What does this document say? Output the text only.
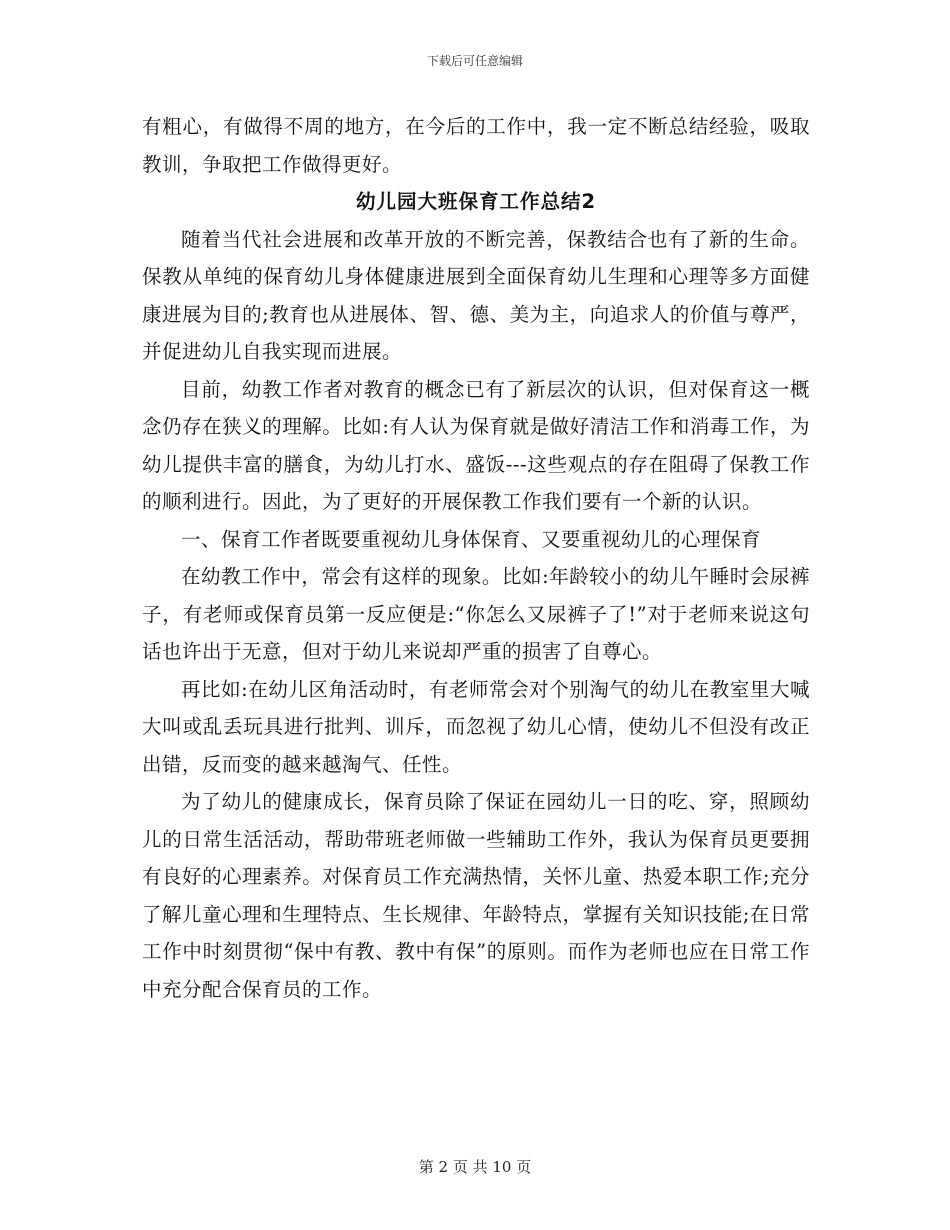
下载后可任意编辑

有粗心，有做得不周的地方，在今后的工作中，我一定不断总结经验，吸取教训，争取把工作做得更好。

幼儿园大班保育工作总结2

随着当代社会进展和改革开放的不断完善，保教结合也有了新的生命。保教从单纯的保育幼儿身体健康进展到全面保育幼儿生理和心理等多方面健康进展为目的;教育也从进展体、智、德、美为主，向追求人的价值与尊严，并促进幼儿自我实现而进展。

目前，幼教工作者对教育的概念已有了新层次的认识，但对保育这一概念仍存在狭义的理解。比如:有人认为保育就是做好清洁工作和消毒工作，为幼儿提供丰富的膳食，为幼儿打水、盛饭---这些观点的存在阻碍了保教工作的顺利进行。因此，为了更好的开展保教工作我们要有一个新的认识。

一、保育工作者既要重视幼儿身体保育、又要重视幼儿的心理保育

在幼教工作中，常会有这样的现象。比如:年龄较小的幼儿午睡时会尿裤子，有老师或保育员第一反应便是:“你怎么又尿裤子了!”对于老师来说这句话也许出于无意，但对于幼儿来说却严重的损害了自尊心。

再比如:在幼儿区角活动时，有老师常会对个别淘气的幼儿在教室里大喊大叫或乱丢玩具进行批判、训斥，而忽视了幼儿心情，使幼儿不但没有改正出错，反而变的越来越淘气、任性。

为了幼儿的健康成长，保育员除了保证在园幼儿一日的吃、穿，照顾幼儿的日常生活活动，帮助带班老师做一些辅助工作外，我认为保育员更要拥有良好的心理素养。对保育员工作充满热情，关怀儿童、热爱本职工作;充分了解儿童心理和生理特点、生长规律、年龄特点，掌握有关知识技能;在日常工作中时刻贯彻“保中有教、教中有保”的原则。而作为老师也应在日常工作中充分配合保育员的工作。

第 2 页 共 10 页
